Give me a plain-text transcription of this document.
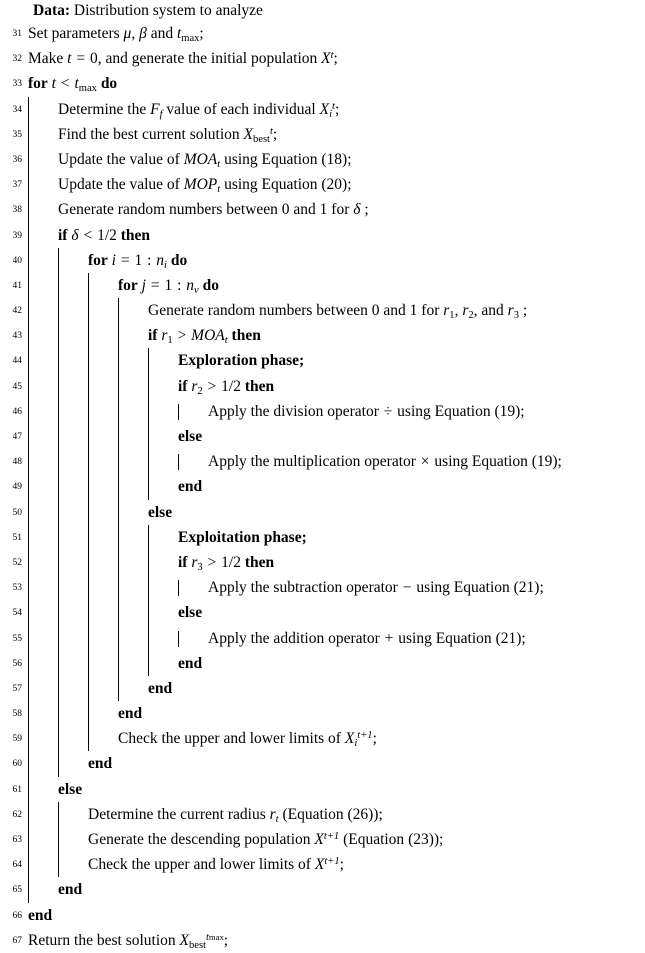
Data: Distribution system to analyze
31 Set parameters μ, β and $t_{max}$;
32 Make t = 0, and generate the initial population $X^t$;
33 for $t < t_{max}$ do
34 Determine the $F_f$ value of each individual $X_i^t$;
35 Find the best current solution $X_{best}^t$;
36 Update the value of $MOA_t$ using Equation (18);
37 Update the value of $MOP_t$ using Equation (20);
38 Generate random numbers between 0 and 1 for δ ;
39 if δ < 1/2 then
40	for i = 1 : $n_i$ do
41	for j = 1 : $n_v$ do
42	Generate random numbers between 0 and 1 for $r_1$, $r_2$, and $r_3$ ;
43	if $r_1 > MOA_t$ then
44	Exploration phase;
45	if $r_2 > 1/2$ then
46	Apply the division operator ÷ using Equation (19);
47	else
48	Apply the multiplication operator × using Equation (19);
49	end
50	else
51	Exploitation phase;
52	if $r_3 > 1/2$ then
53	Apply the subtraction operator − using Equation (21);
54	else
55	Apply the addition operator + using Equation (21);
56	end
57	end
58	end
59	Check the upper and lower limits of $X_i^{t+1}$;
60	end
61 else
62	Determine the current radius $r_t$ (Equation (26));
63	Generate the descending population $X^{t+1}$ (Equation (23));
64	Check the upper and lower limits of $X^{t+1}$;
65 end
66 end
67 Return the best solution $X_{best}^{tmax}$;
